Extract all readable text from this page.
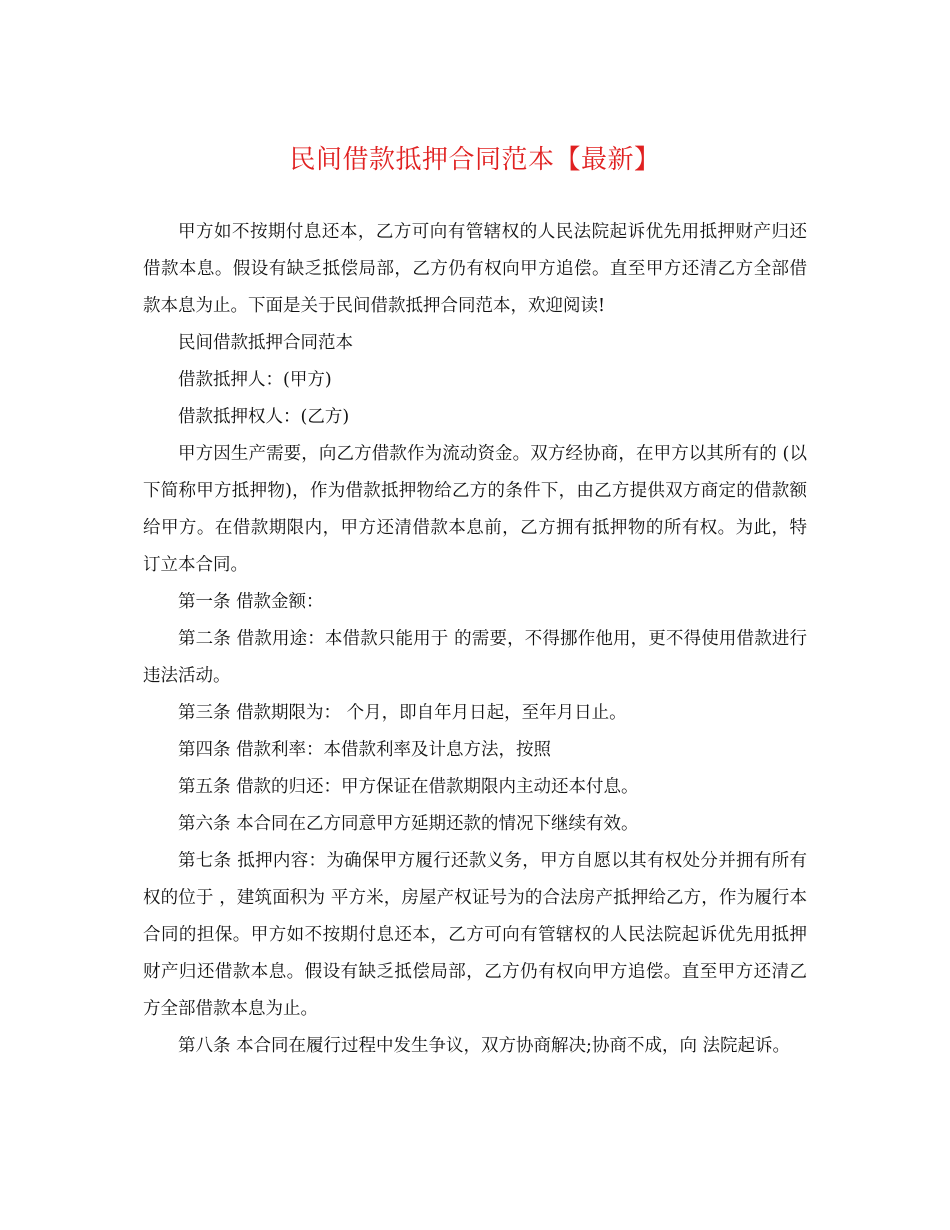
民间借款抵押合同范本【最新】

甲方如不按期付息还本，乙方可向有管辖权的人民法院起诉优先用抵押财产归还借款本息。假设有缺乏抵偿局部，乙方仍有权向甲方追偿。直至甲方还清乙方全部借款本息为止。下面是关于民间借款抵押合同范本，欢迎阅读!

民间借款抵押合同范本

借款抵押人：(甲方)

借款抵押权人：(乙方)

甲方因生产需要，向乙方借款作为流动资金。双方经协商，在甲方以其所有的 (以下简称甲方抵押物)，作为借款抵押物给乙方的条件下，由乙方提供双方商定的借款额给甲方。在借款期限内，甲方还清借款本息前，乙方拥有抵押物的所有权。为此，特订立本合同。

第一条 借款金额：

第二条 借款用途：本借款只能用于 的需要，不得挪作他用，更不得使用借款进行违法活动。

第三条 借款期限为： 个月，即自年月日起，至年月日止。

第四条 借款利率：本借款利率及计息方法，按照

第五条 借款的归还：甲方保证在借款期限内主动还本付息。

第六条 本合同在乙方同意甲方延期还款的情况下继续有效。

第七条 抵押内容：为确保甲方履行还款义务，甲方自愿以其有权处分并拥有所有权的位于 ，建筑面积为 平方米，房屋产权证号为的合法房产抵押给乙方，作为履行本合同的担保。甲方如不按期付息还本，乙方可向有管辖权的人民法院起诉优先用抵押财产归还借款本息。假设有缺乏抵偿局部，乙方仍有权向甲方追偿。直至甲方还清乙方全部借款本息为止。

第八条 本合同在履行过程中发生争议，双方协商解决;协商不成，向 法院起诉。
